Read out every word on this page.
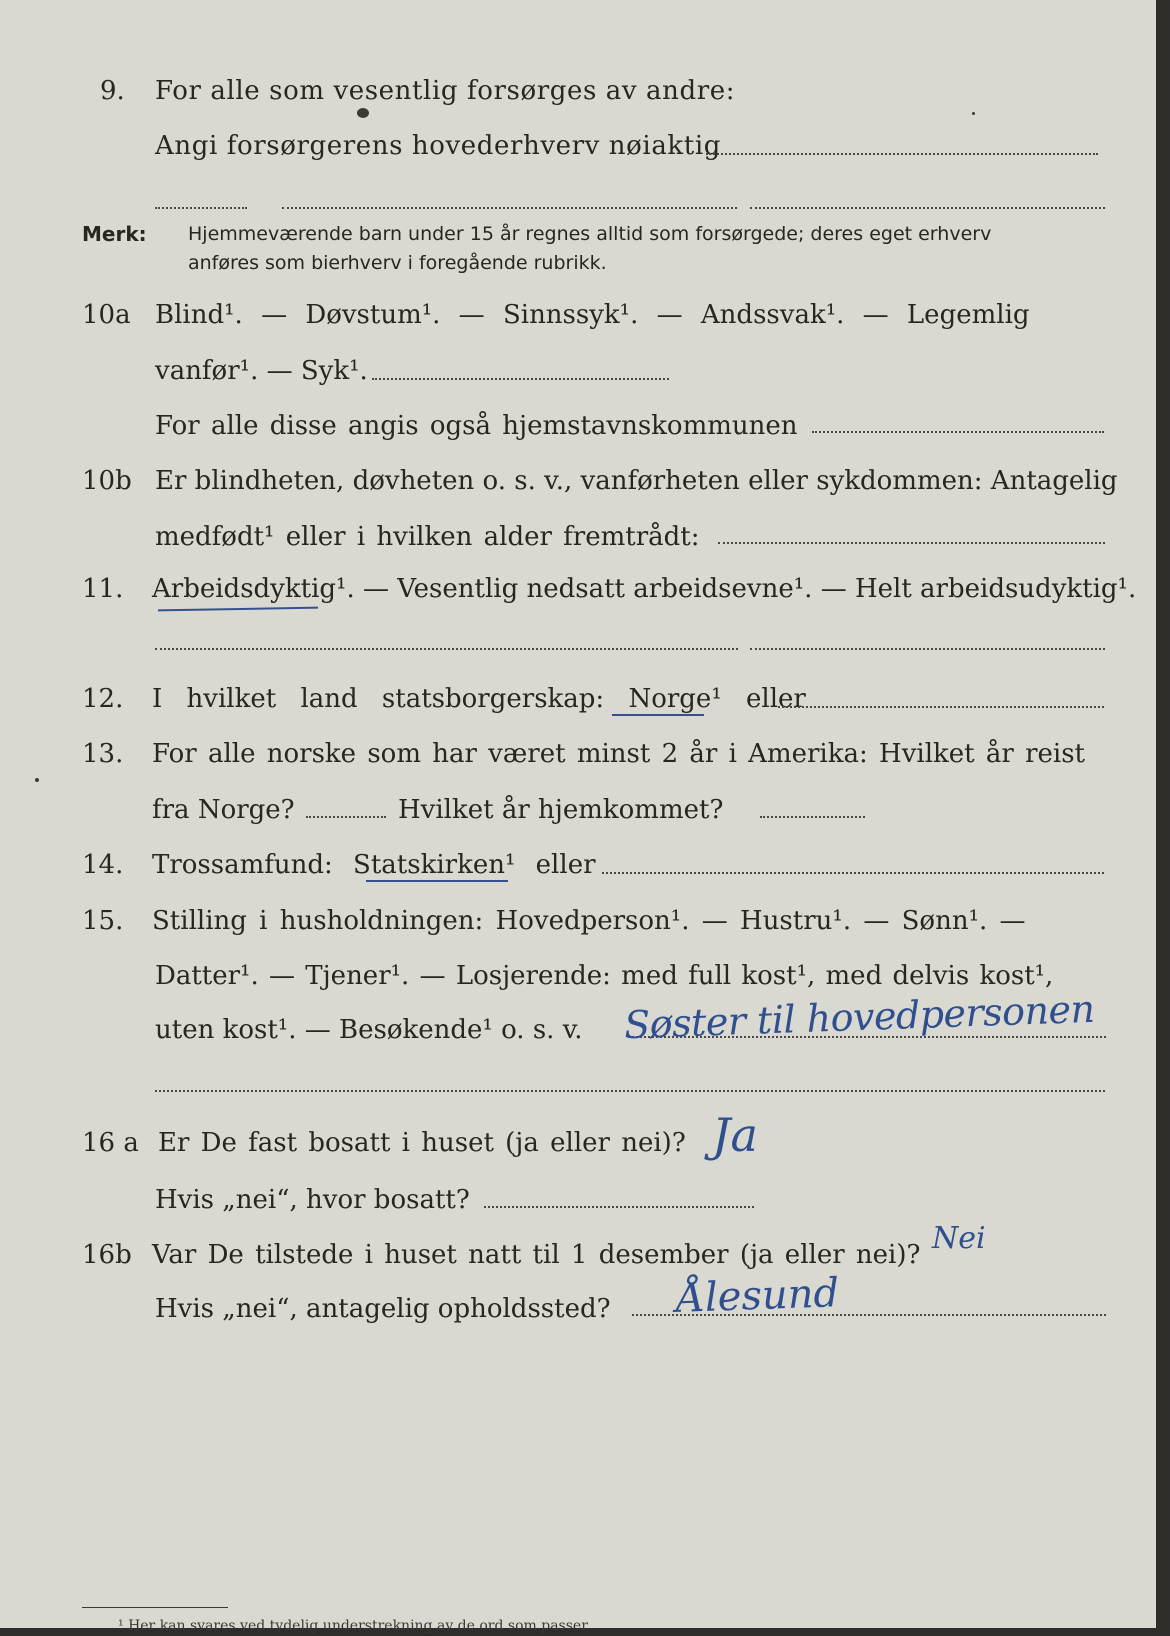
9. For alle som vesentlig forsørges av andre:
Angi forsørgerens hovederhverv nøiaktig
Merk: Hjemmeværende barn under 15 år regnes alltid som forsørgede; deres eget erhverv
anføres som bierhverv i foregående rubrikk.
10a Blind¹. — Døvstum¹. — Sinnssyk¹. — Andssvak¹. — Legemlig
vanfør¹. — Syk¹.
For alle disse angis også hjemstavnskommunen
10b Er blindheten, døvheten o. s. v., vanførheten eller sykdommen: Antagelig
medfødt¹ eller i hvilken alder fremtrådt:
11. Arbeidsdyktig¹. — Vesentlig nedsatt arbeidsevne¹. — Helt arbeidsudyktig¹.
12. I hvilket land statsborgerskap: Norge¹ eller
13. For alle norske som har været minst 2 år i Amerika: Hvilket år reist
fra Norge?	Hvilket år hjemkommet?
14. Trossamfund: Statskirken¹ eller
15. Stilling i husholdningen: Hovedperson¹. — Hustru¹. — Sønn¹. —
Datter¹. — Tjener¹. — Losjerende: med full kost¹, med delvis kost¹,
uten kost¹. — Besøkende¹ o. s. v. Søster til hovedpersonen
16 a Er De fast bosatt i huset (ja eller nei)? Ja
Hvis „nei“, hvor bosatt?
16b Var De tilstede i huset natt til 1 desember (ja eller nei)? Nei
Hvis „nei“, antagelig opholdssted? Ålesund
¹ Her kan svares ved tydelig understrekning av de ord som passer.
